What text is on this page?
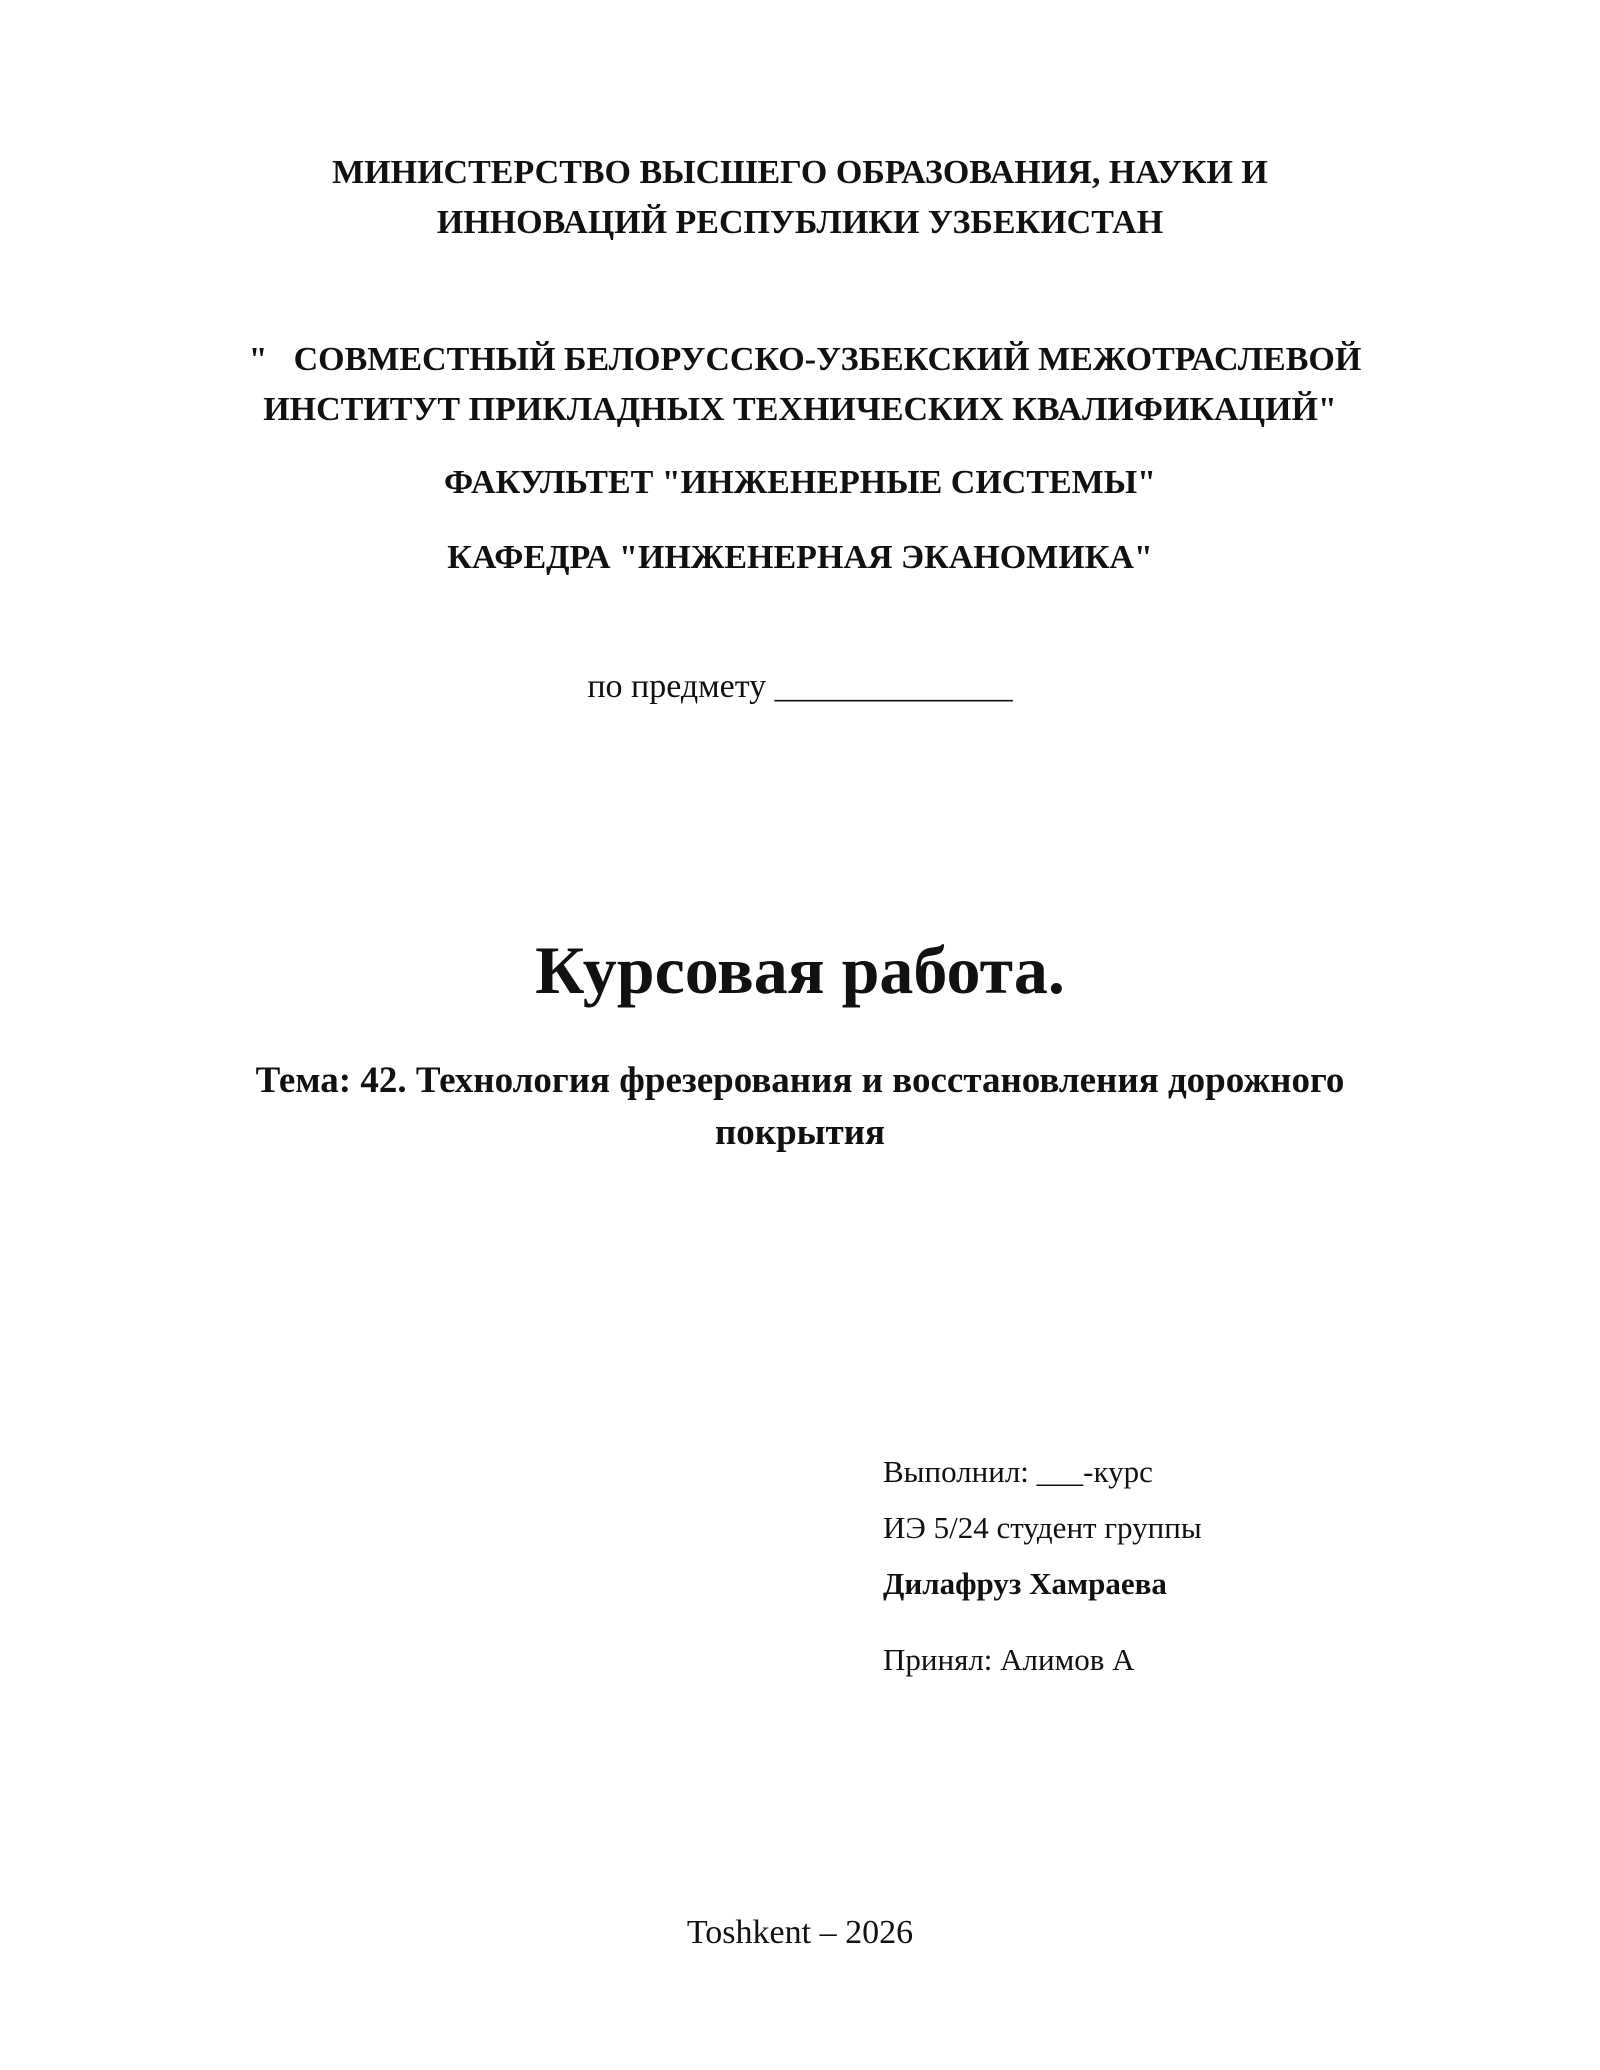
МИНИСТЕРСТВО ВЫСШЕГО ОБРАЗОВАНИЯ, НАУКИ И
ИННОВАЦИЙ РЕСПУБЛИКИ УЗБЕКИСТАН
" СОВМЕСТНЫЙ БЕЛОРУССКО-УЗБЕКСКИЙ МЕЖОТРАСЛЕВОЙ
ИНСТИТУТ ПРИКЛАДНЫХ ТЕХНИЧЕСКИХ КВАЛИФИКАЦИЙ"
ФАКУЛЬТЕТ "ИНЖЕНЕРНЫЕ СИСТЕМЫ"
КАФЕДРА "ИНЖЕНЕРНАЯ ЭКАНОМИКА"
по предмету ______________
Курсовая работа.
Тема: 42. Технология фрезерования и восстановления дорожного
покрытия
Выполнил: ___-курс
ИЭ 5/24 студент группы
Дилафруз Хамраева
Принял: Алимов А
Toshkent – 2026
